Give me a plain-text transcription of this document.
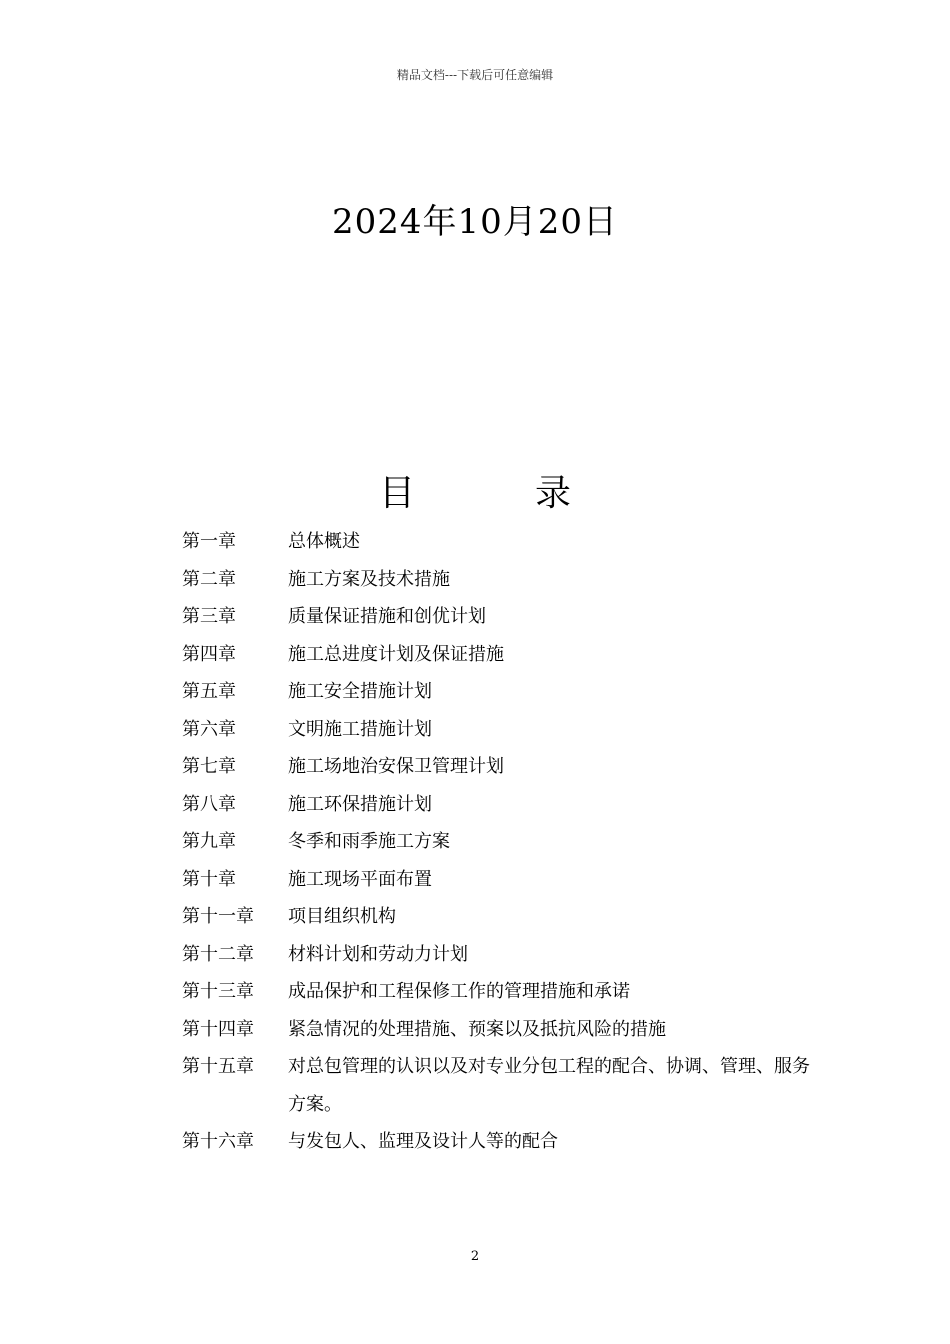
精品文档---下载后可任意编辑
2024年10月20日
目	录
第一章	总体概述
第二章	施工方案及技术措施
第三章	质量保证措施和创优计划
第四章	施工总进度计划及保证措施
第五章	施工安全措施计划
第六章	文明施工措施计划
第七章	施工场地治安保卫管理计划
第八章	施工环保措施计划
第九章	冬季和雨季施工方案
第十章	施工现场平面布置
第十一章	项目组织机构
第十二章	材料计划和劳动力计划
第十三章	成品保护和工程保修工作的管理措施和承诺
第十四章	紧急情况的处理措施、预案以及抵抗风险的措施
第十五章	对总包管理的认识以及对专业分包工程的配合、协调、管理、服务方案。
第十六章	与发包人、监理及设计人等的配合
2
